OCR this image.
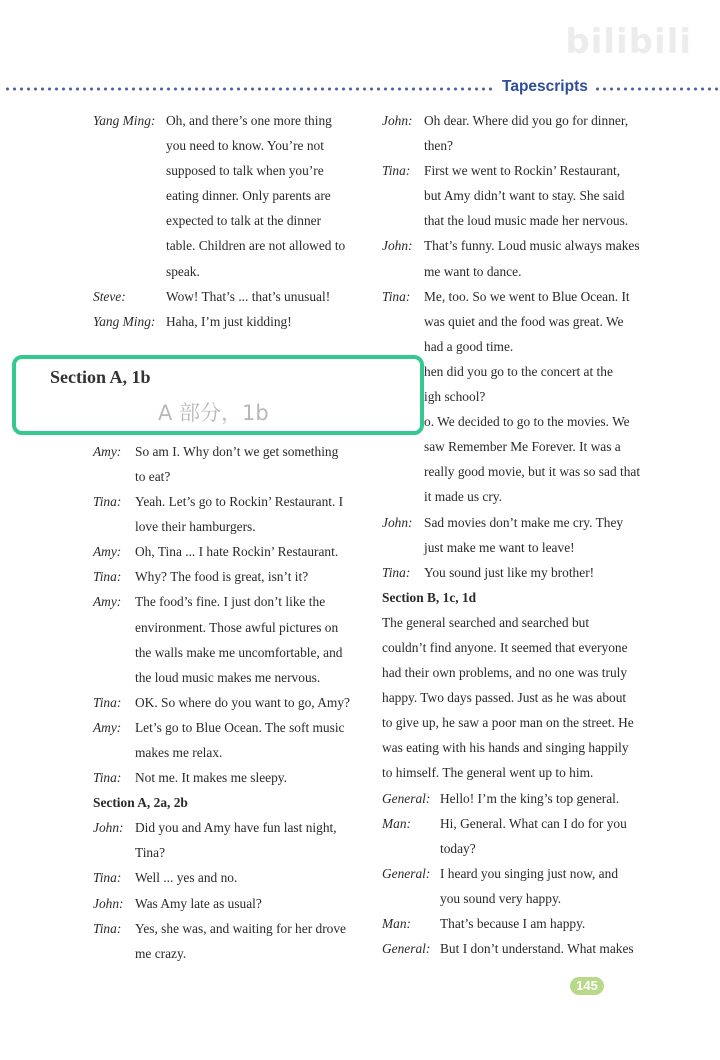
bilibili
Tapescripts
Yang Ming: Oh, and there’s one more thing
you need to know. You’re not
supposed to talk when you’re
eating dinner. Only parents are
expected to talk at the dinner
table. Children are not allowed to
speak.
Steve:	Wow! That’s ... that’s unusual!
Yang Ming: Haha, I’m just kidding!
Amy:	So am I. Why don’t we get something
to eat?
Tina:	Yeah. Let’s go to Rockin’ Restaurant. I
love their hamburgers.
Amy:	Oh, Tina ... I hate Rockin’ Restaurant.
Tina:	Why? The food is great, isn’t it?
Amy:	The food’s fine. I just don’t like the
environment. Those awful pictures on
the walls make me uncomfortable, and
the loud music makes me nervous.
Tina:	OK. So where do you want to go, Amy?
Amy:	Let’s go to Blue Ocean. The soft music
makes me relax.
Tina:	Not me. It makes me sleepy.
Section A, 2a, 2b
John: Did you and Amy have fun last night,
Tina?
Tina:	Well ... yes and no.
John: Was Amy late as usual?
Tina:	Yes, she was, and waiting for her drove
me crazy.
John: Oh dear. Where did you go for dinner,
then?
Tina:	First we went to Rockin’ Restaurant,
but Amy didn’t want to stay. She said
that the loud music made her nervous.
John: That’s funny. Loud music always makes
me want to dance.
Tina:	Me, too. So we went to Blue Ocean. It
was quiet and the food was great. We
had a good time.
hen did you go to the concert at the
igh school?
o. We decided to go to the movies. We
saw Remember Me Forever. It was a
really good movie, but it was so sad that
it made us cry.
John: Sad movies don’t make me cry. They
just make me want to leave!
Tina:	You sound just like my brother!
Section B, 1c, 1d
The general searched and searched but
couldn’t find anyone. It seemed that everyone
had their own problems, and no one was truly
happy. Two days passed. Just as he was about
to give up, he saw a poor man on the street. He
was eating with his hands and singing happily
to himself. The general went up to him.
General: Hello! I’m the king’s top general.
Man:	Hi, General. What can I do for you
today?
General: I heard you singing just now, and
you sound very happy.
Man:	That’s because I am happy.
General: But I don’t understand. What makes
Section A, 1b
A 部分，1b
145
